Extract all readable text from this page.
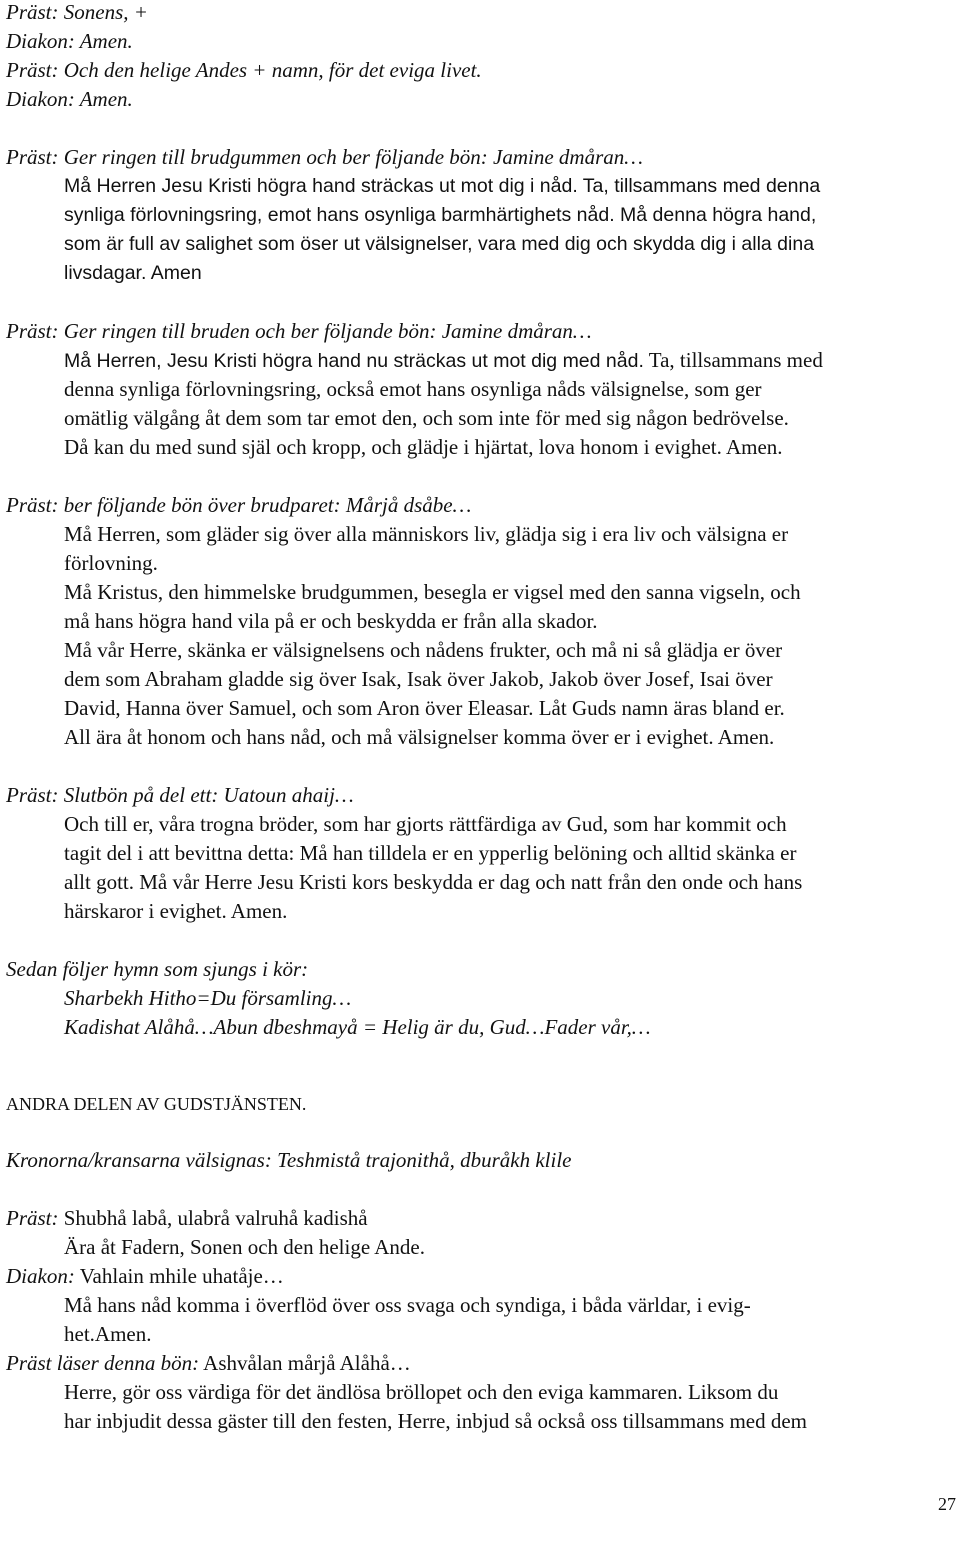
Präst: Sonens, +
Diakon: Amen.
Präst: Och den helige Andes + namn, för det eviga livet.
Diakon: Amen.
Präst: Ger ringen till brudgummen och ber följande bön: Jamine dmåran…
Må Herren Jesu Kristi högra hand sträckas ut mot dig i nåd. Ta, tillsammans med denna
synliga förlovningsring, emot hans osynliga barmhärtighets nåd. Må denna högra hand,
som är full av salighet som öser ut välsignelser, vara med dig och skydda dig i alla dina
livsdagar. Amen
Präst: Ger ringen till bruden och ber följande bön: Jamine dmåran…
Må Herren, Jesu Kristi högra hand nu sträckas ut mot dig med nåd. Ta, tillsammans med
denna synliga förlovningsring, också emot hans osynliga nåds välsignelse, som ger
omätlig välgång åt dem som tar emot den, och som inte för med sig någon bedrövelse.
Då kan du med sund själ och kropp, och glädje i hjärtat, lova honom i evighet. Amen.
Präst: ber följande bön över brudparet: Mårjå dsåbe…
Må Herren, som gläder sig över alla människors liv, glädja sig i era liv och välsigna er
förlovning.
Må Kristus, den himmelske brudgummen, besegla er vigsel med den sanna vigseln, och
må hans högra hand vila på er och beskydda er från alla skador.
Må vår Herre, skänka er välsignelsens och nådens frukter, och må ni så glädja er över
dem som Abraham gladde sig över Isak, Isak över Jakob, Jakob över Josef, Isai över
David, Hanna över Samuel, och som Aron över Eleasar. Låt Guds namn äras bland er.
All ära åt honom och hans nåd, och må välsignelser komma över er i evighet. Amen.
Präst: Slutbön på del ett: Uatoun ahaij…
Och till er, våra trogna bröder, som har gjorts rättfärdiga av Gud, som har kommit och
tagit del i att bevittna detta: Må han tilldela er en ypperlig belöning och alltid skänka er
allt gott. Må vår Herre Jesu Kristi kors beskydda er dag och natt från den onde och hans
härskaror i evighet. Amen.
Sedan följer hymn som sjungs i kör:
Sharbekh Hitho=Du församling…
Kadishat Alåhå…Abun dbeshmayå = Helig är du, Gud…Fader vår,…
ANDRA DELEN AV GUDSTJÄNSTEN.
Kronorna/kransarna välsignas: Teshmistå trajonithå, dburåkh klile
Präst: Shubhå labå, ulabrå valruhå kadishå
Ära åt Fadern, Sonen och den helige Ande.
Diakon: Vahlain mhile uhatåje…
Må hans nåd komma i överflöd över oss svaga och syndiga, i båda världar, i evig-
het.Amen.
Präst läser denna bön: Ashvålan mårjå Alåhå…
Herre, gör oss värdiga för det ändlösa bröllopet och den eviga kammaren. Liksom du
har inbjudit dessa gäster till den festen, Herre, inbjud så också oss tillsammans med dem
27
